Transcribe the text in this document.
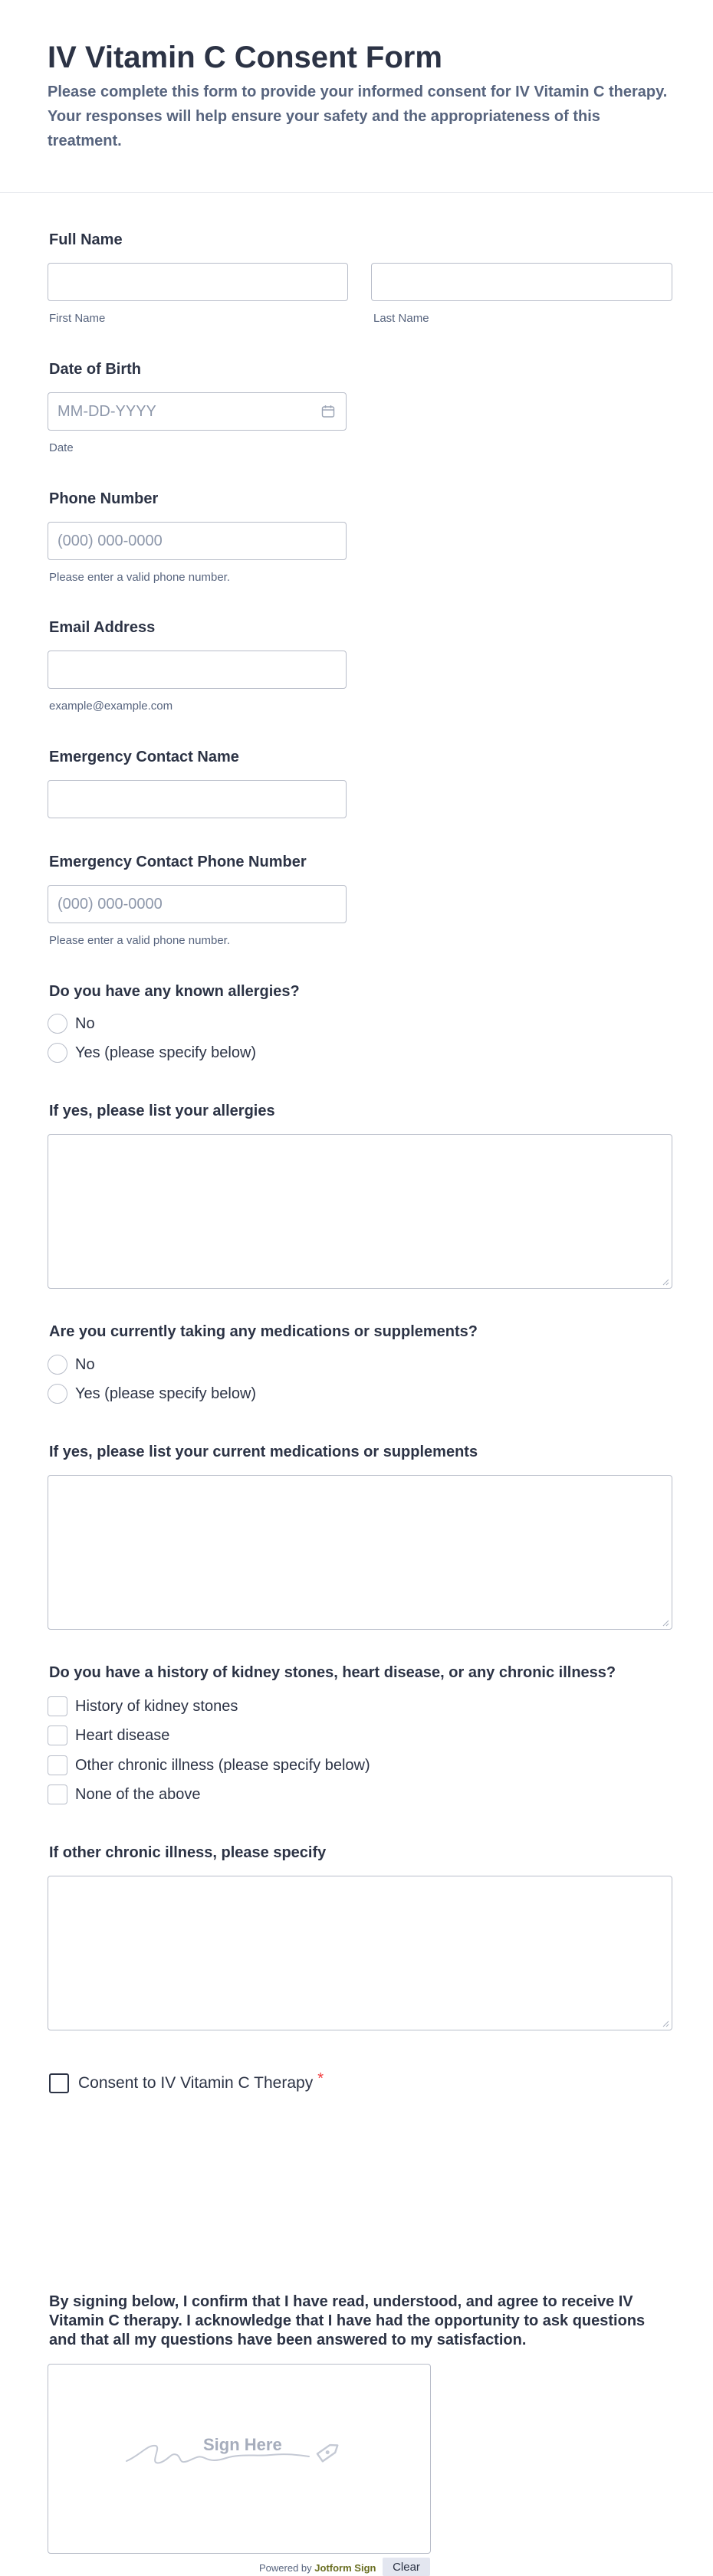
IV Vitamin C Consent Form

Please complete this form to provide your informed consent for IV Vitamin C therapy. Your responses will help ensure your safety and the appropriateness of this treatment.

Full Name
First Name	Last Name
Date of Birth
MM-DD-YYYY
Date
Phone Number
(000) 000-0000
Please enter a valid phone number.
Email Address
example@example.com
Emergency Contact Name
Emergency Contact Phone Number
(000) 000-0000
Please enter a valid phone number.
Do you have any known allergies?
No
Yes (please specify below)
If yes, please list your allergies
Are you currently taking any medications or supplements?
No
Yes (please specify below)
If yes, please list your current medications or supplements
Do you have a history of kidney stones, heart disease, or any chronic illness?
History of kidney stones
Heart disease
Other chronic illness (please specify below)
None of the above
If other chronic illness, please specify
Consent to IV Vitamin C Therapy *
By signing below, I confirm that I have read, understood, and agree to receive IV Vitamin C therapy. I acknowledge that I have had the opportunity to ask questions and that all my questions have been answered to my satisfaction.
Sign Here
Powered by Jotform Sign	Clear
